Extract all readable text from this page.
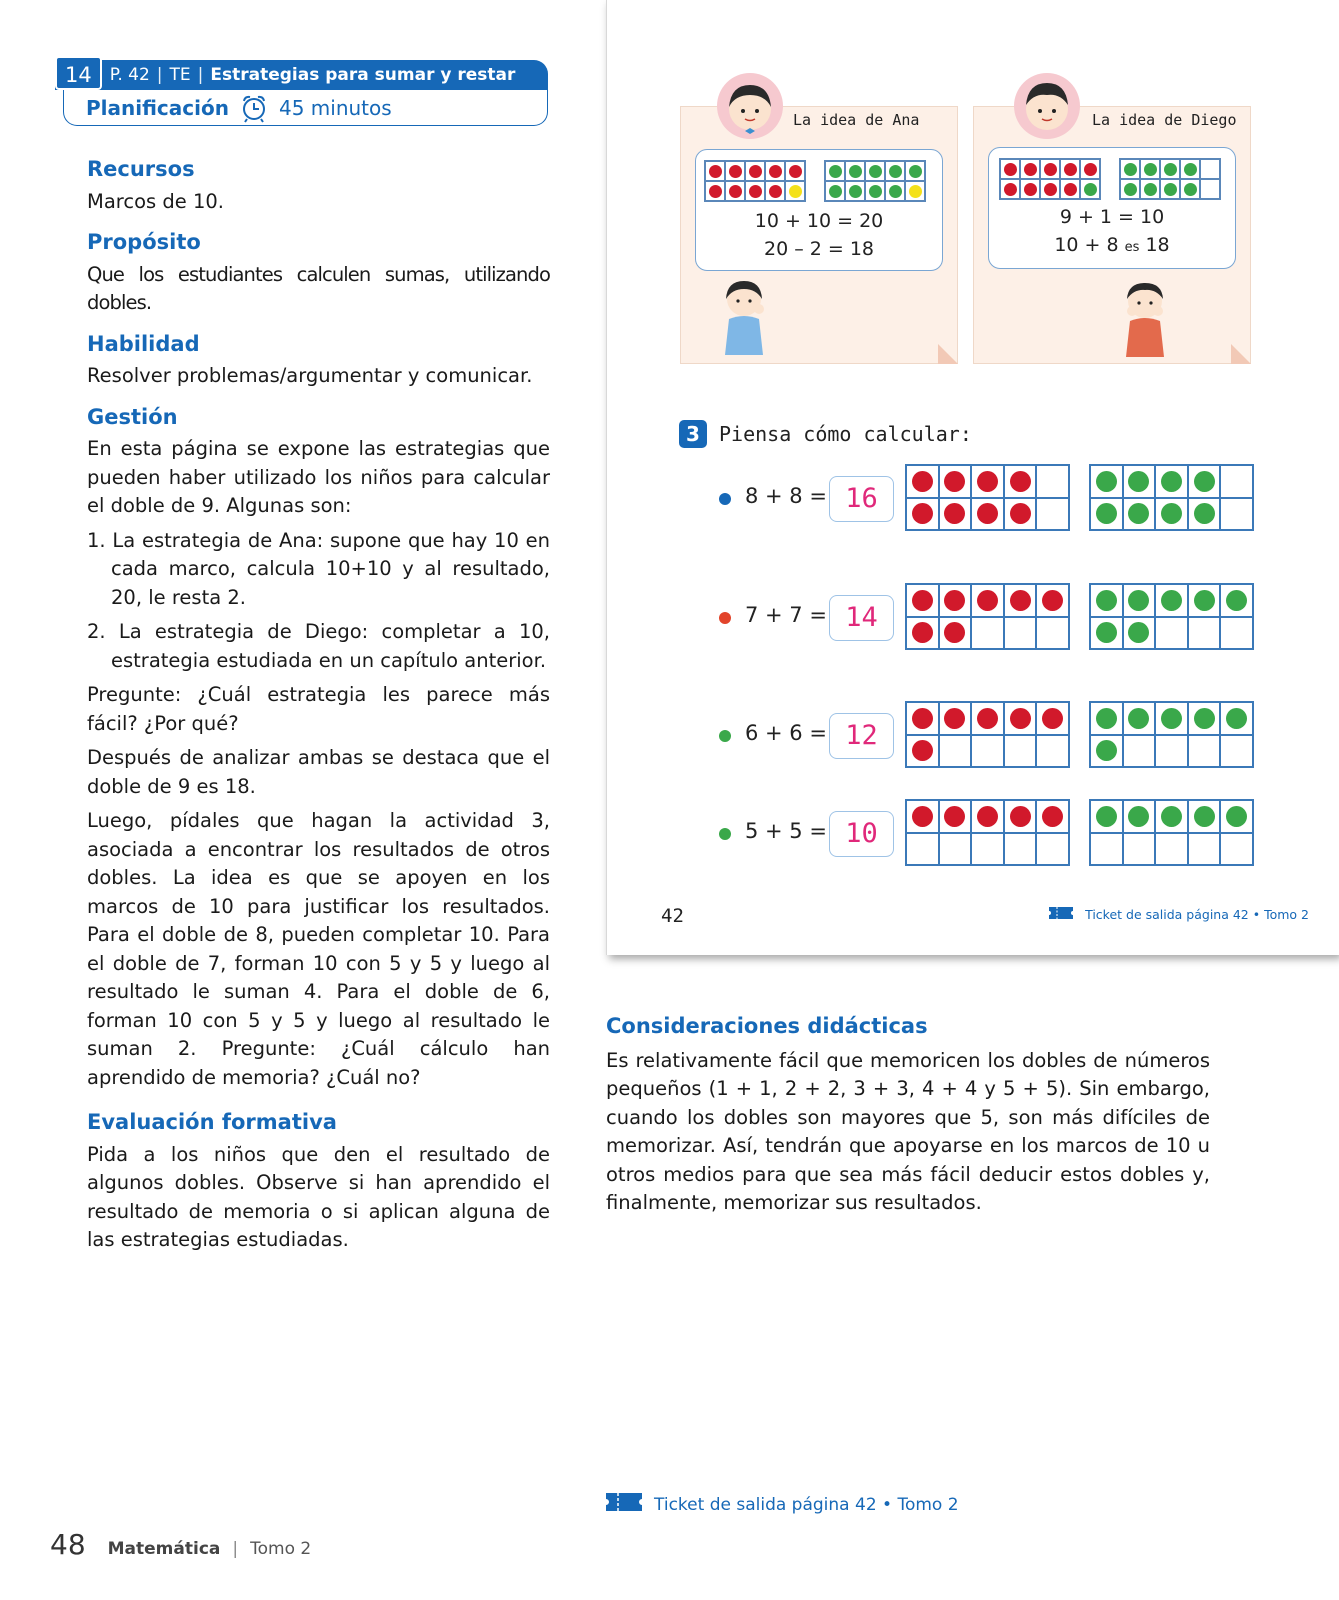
14	P. 42 | TE | Estrategias para sumar y restar
Planificación	45 minutos
Recursos
Marcos de 10.
Propósito
Que los estudiantes calculen sumas, utilizando dobles.
Habilidad
Resolver problemas/argumentar y comunicar.
Gestión
En esta página se expone las estrategias que pueden haber utilizado los niños para calcular el doble de 9. Algunas son:
1. La estrategia de Ana: supone que hay 10 en cada marco, calcula 10+10 y al resultado, 20, le resta 2.
2. La estrategia de Diego: completar a 10, estrategia estudiada en un capítulo anterior.
Pregunte: ¿Cuál estrategia les parece más fácil? ¿Por qué?
Después de analizar ambas se destaca que el doble de 9 es 18.
Luego, pídales que hagan la actividad 3, asociada a encontrar los resultados de otros dobles. La idea es que se apoyen en los marcos de 10 para justificar los resultados. Para el doble de 8, pueden completar 10. Para el doble de 7, forman 10 con 5 y 5 y luego al resultado le suman 4. Para el doble de 6, forman 10 con 5 y 5 y luego al resultado le suman 2. Pregunte: ¿Cuál cálculo han aprendido de memoria? ¿Cuál no?
Evaluación formativa
Pida a los niños que den el resultado de algunos dobles. Observe si han aprendido el resultado de memoria o si aplican alguna de las estrategias estudiadas.
La idea de Ana
10 + 10 = 20
20 – 2 = 18
La idea de Diego
9 + 1 = 10
10 + 8 es 18
3 Piensa cómo calcular:
8 + 8 = 16
7 + 7 = 14
6 + 6 = 12
5 + 5 = 10
42	Ticket de salida página 42 • Tomo 2
Consideraciones didácticas
Es relativamente fácil que memoricen los dobles de números pequeños (1 + 1, 2 + 2, 3 + 3, 4 + 4 y 5 + 5). Sin embargo, cuando los dobles son mayores que 5, son más difíciles de memorizar. Así, tendrán que apoyarse en los marcos de 10 u otros medios para que sea más fácil deducir estos dobles y, finalmente, memorizar sus resultados.
Ticket de salida página 42 • Tomo 2
48 Matemática | Tomo 2
